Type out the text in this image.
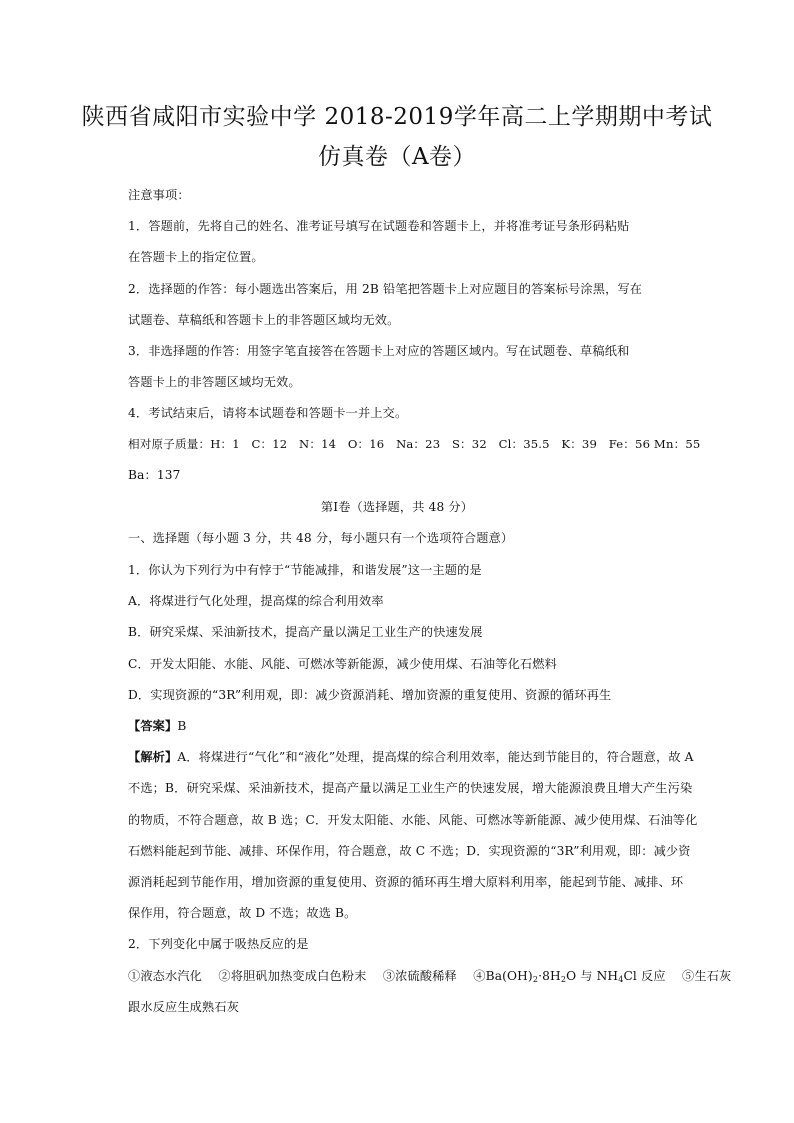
陕西省咸阳市实验中学 2018-2019学年高二上学期期中考试
仿真卷（A卷）
注意事项：
1．答题前，先将自己的姓名、准考证号填写在试题卷和答题卡上，并将准考证号条形码粘贴
在答题卡上的指定位置。
2．选择题的作答：每小题选出答案后，用 2B 铅笔把答题卡上对应题目的答案标号涂黑，写在
试题卷、草稿纸和答题卡上的非答题区域均无效。
3．非选择题的作答：用签字笔直接答在答题卡上对应的答题区域内。写在试题卷、草稿纸和
答题卡上的非答题区域均无效。
4．考试结束后，请将本试题卷和答题卡一并上交。
相对原子质量：H：1　C：12　N：14　O：16　Na：23　S：32　Cl：35.5　K：39　Fe：56 Mn：55
Ba：137
第Ⅰ卷（选择题，共 48 分）
一、选择题（每小题 3 分，共 48 分，每小题只有一个选项符合题意）
1．你认为下列行为中有悖于“节能减排，和谐发展”这一主题的是
A．将煤进行气化处理，提高煤的综合利用效率
B．研究采煤、采油新技术，提高产量以满足工业生产的快速发展
C．开发太阳能、水能、风能、可燃冰等新能源，减少使用煤、石油等化石燃料
D．实现资源的“3R”利用观，即：减少资源消耗、增加资源的重复使用、资源的循环再生
【答案】B
【解析】A．将煤进行“气化”和“液化”处理，提高煤的综合利用效率，能达到节能目的，符合题意，故 A
不选；B．研究采煤、采油新技术，提高产量以满足工业生产的快速发展，增大能源浪费且增大产生污染
的物质，不符合题意，故 B 选；C．开发太阳能、水能、风能、可燃冰等新能源、减少使用煤、石油等化
石燃料能起到节能、减排、环保作用，符合题意，故 C 不选；D．实现资源的“3R”利用观，即：减少资
源消耗起到节能作用，增加资源的重复使用、资源的循环再生增大原料利用率，能起到节能、减排、环
保作用，符合题意，故 D 不选；故选 B。
2．下列变化中属于吸热反应的是
①液态水汽化　 ②将胆矾加热变成白色粉末　 ③浓硫酸稀释　 $④Ba(OH)_2\cdot 8H_2O$ 与 $NH_4Cl$ 反应　 ⑤生石灰
跟水反应生成熟石灰
